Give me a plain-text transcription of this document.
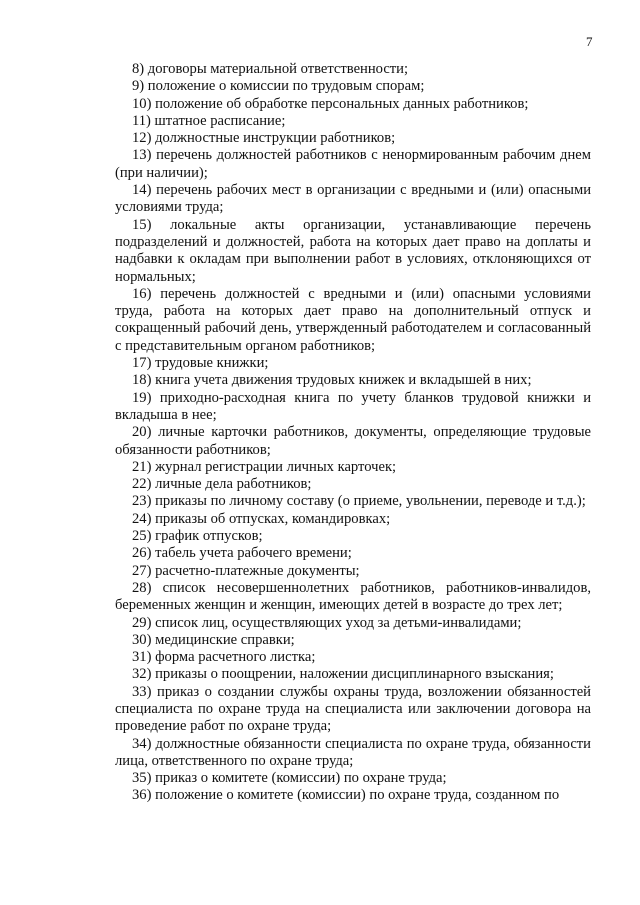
7

8) договоры материальной ответственности;

9) положение о комиссии по трудовым спорам;

10) положение об обработке персональных данных работников;

11) штатное расписание;

12) должностные инструкции работников;

13) перечень должностей работников с ненормированным рабочим днем (при наличии);

14) перечень рабочих мест в организации с вредными и (или) опасными условиями труда;

15) локальные акты организации, устанавливающие перечень подразделений и должностей, работа на которых дает право на доплаты и надбавки к окладам при выполнении работ в условиях, отклоняющихся от нормальных;

16) перечень должностей с вредными и (или) опасными условиями труда, работа на которых дает право на дополнительный отпуск и сокращенный рабочий день, утвержденный работодателем и согласованный с представительным органом работников;

17) трудовые книжки;

18) книга учета движения трудовых книжек и вкладышей в них;

19) приходно-расходная книга по учету бланков трудовой книжки и вкладыша в нее;

20) личные карточки работников, документы, определяющие трудовые обязанности работников;

21) журнал регистрации личных карточек;

22) личные дела работников;

23) приказы по личному составу (о приеме, увольнении, переводе и т.д.);

24) приказы об отпусках, командировках;

25) график отпусков;

26) табель учета рабочего времени;

27) расчетно-платежные документы;

28) список несовершеннолетних работников, работников-инвалидов, беременных женщин и женщин, имеющих детей в возрасте до трех лет;

29) список лиц, осуществляющих уход за детьми-инвалидами;

30) медицинские справки;

31) форма расчетного листка;

32) приказы о поощрении, наложении дисциплинарного взыскания;

33) приказ о создании службы охраны труда, возложении обязанностей специалиста по охране труда на специалиста или заключении договора на проведение работ по охране труда;

34) должностные обязанности специалиста по охране труда, обязанности лица, ответственного по охране труда;

35) приказ о комитете (комиссии) по охране труда;

36) положение о комитете (комиссии) по охране труда, созданном по
